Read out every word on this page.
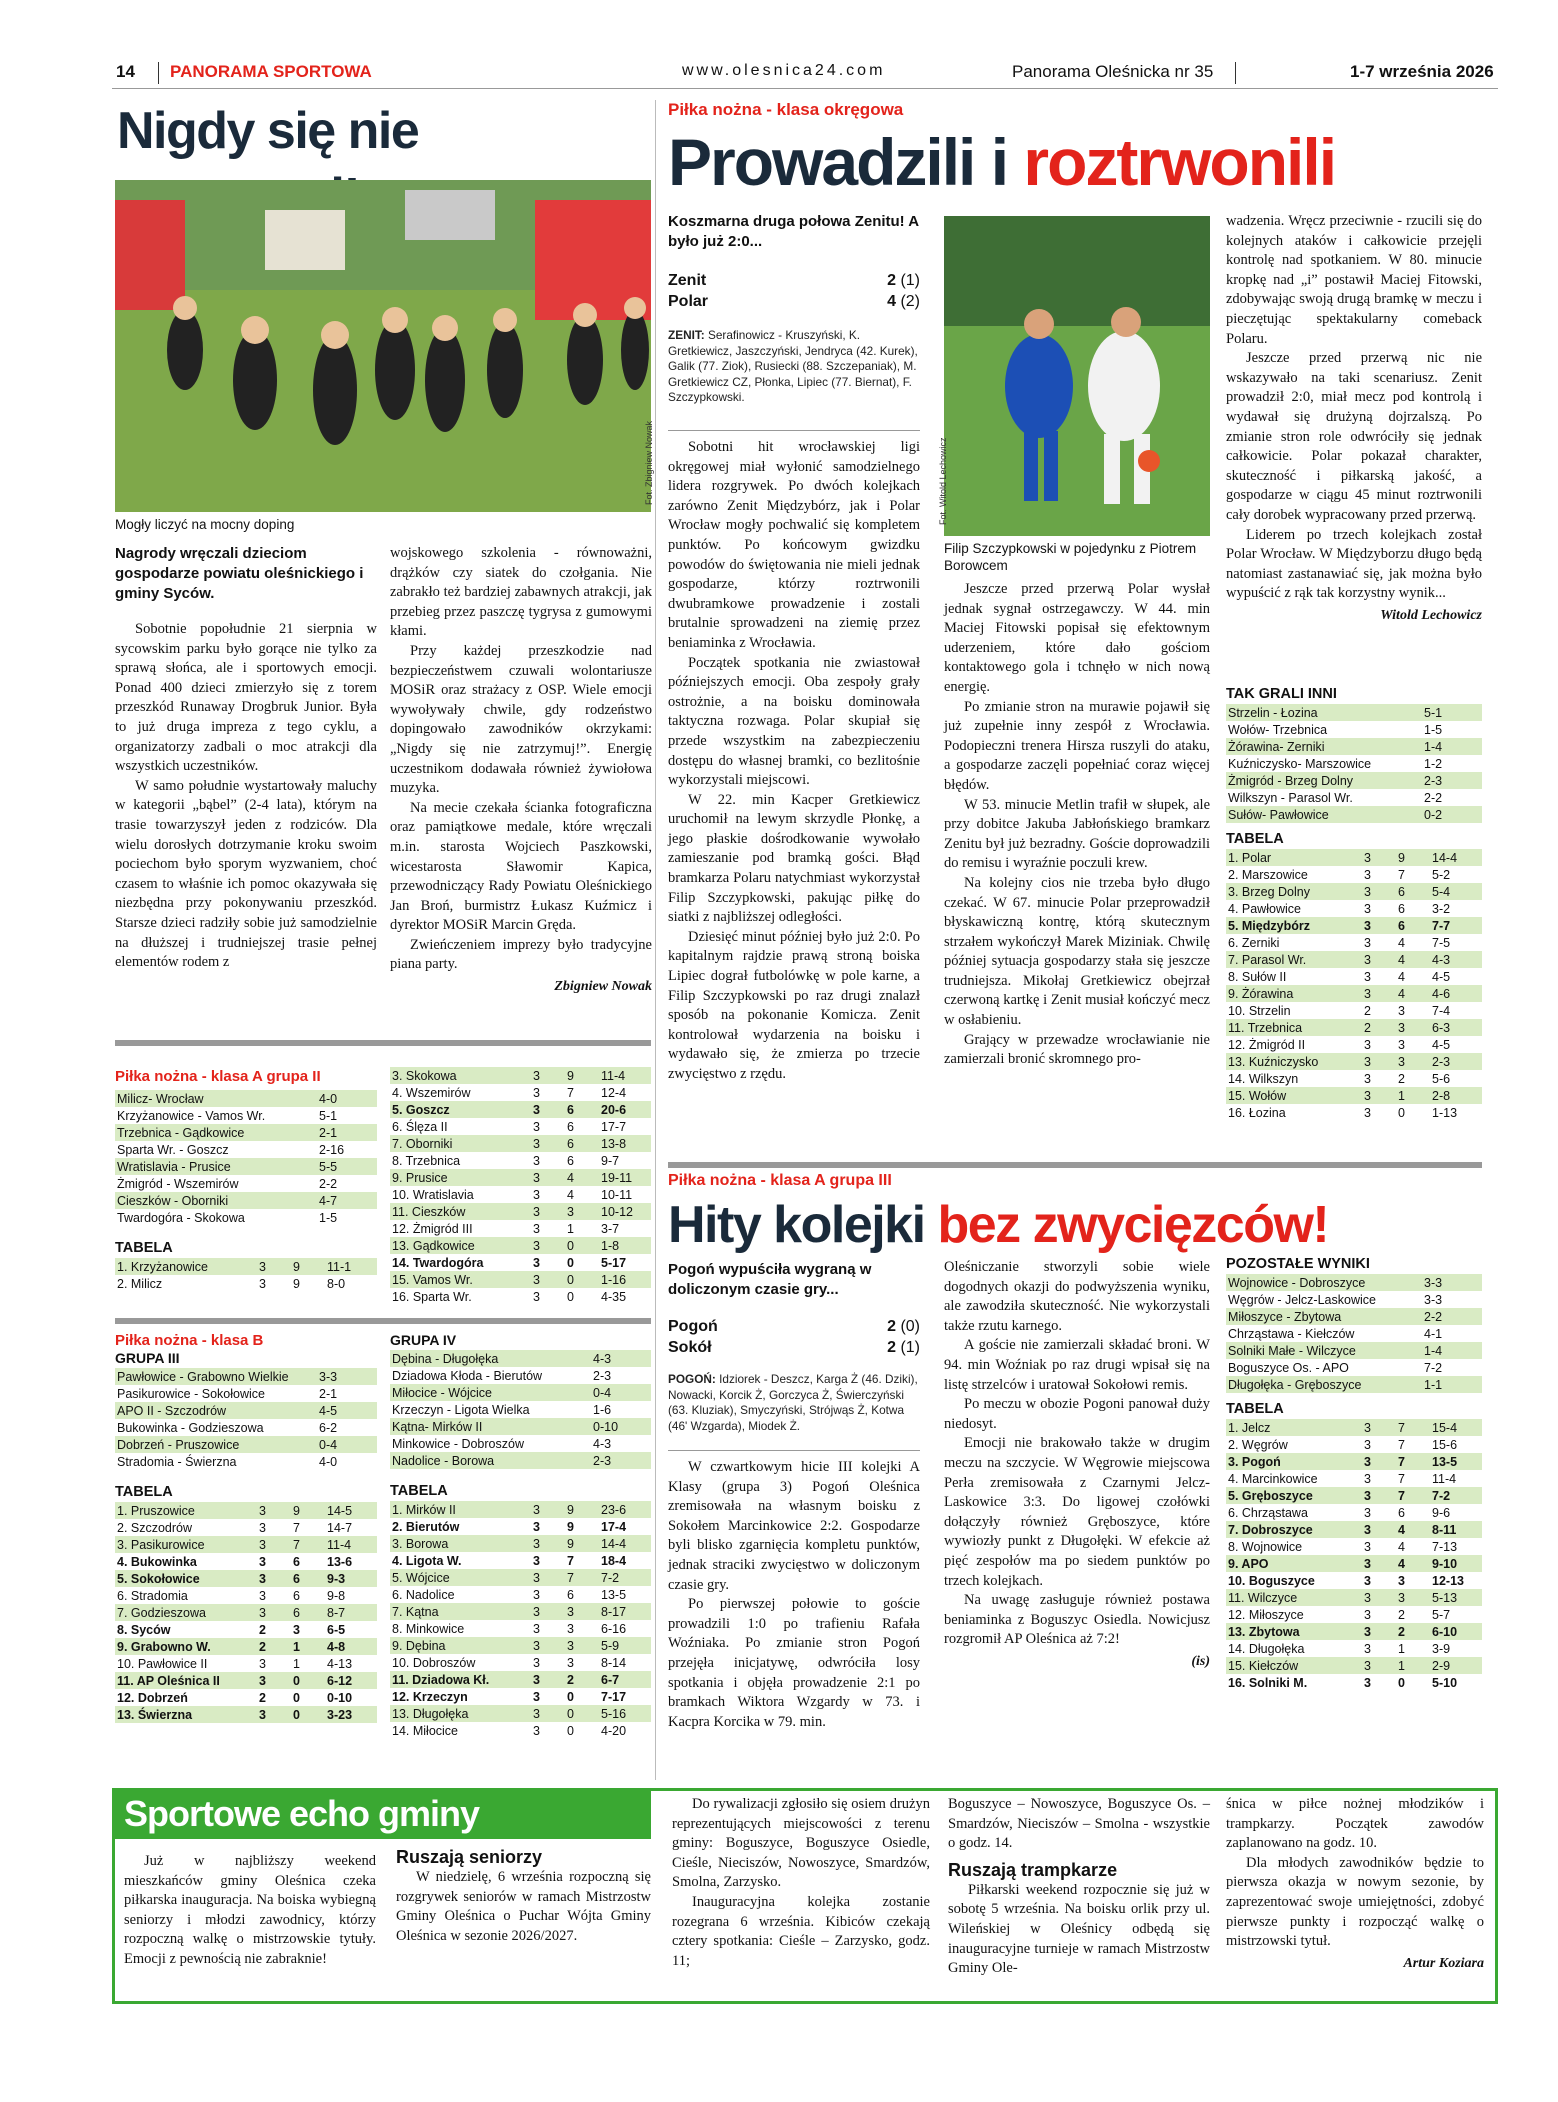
14 PANORAMA SPORTOWA	www.olesnica24.com	Panorama Oleśnicka nr 35	1-7 września 2026
Nigdy się nie
Fot. Zbigniew Nowak
Mogły liczyć na mocny doping
Nagrody wręczali dzieciom gospodarze powiatu oleśnickiego i gminy Syców.

Sobotnie popołudnie 21 sierpnia w sycowskim parku było gorące nie tylko za sprawą słońca, ale i sportowych emocji. Ponad 400 dzieci zmierzyło się z torem przeszkód Runaway Drogbruk Junior. Była to już druga impreza z tego cyklu, a organizatorzy zadbali o moc atrakcji dla wszystkich uczestników.

W samo południe wystartowały maluchy w kategorii „bąbel” (2-4 lata), którym na trasie towarzyszył jeden z rodziców. Dla wielu dorosłych dotrzymanie kroku swoim pociechom było sporym wyzwaniem, choć czasem to właśnie ich pomoc okazywała się niezbędna przy pokonywaniu przeszkód. Starsze dzieci radziły sobie już samodzielnie na dłuższej i trudniejszej trasie pełnej elementów rodem z

wojskowego szkolenia - równoważni, drążków czy siatek do czołgania. Nie zabrakło też bardziej zabawnych atrakcji, jak przebieg przez paszczę tygrysa z gumowymi kłami.

Przy każdej przeszkodzie nad bezpieczeństwem czuwali wolontariusze MOSiR oraz strażacy z OSP. Wiele emocji wywoływały chwile, gdy rodzeństwo dopingowało zawodników okrzykami: „Nigdy się nie zatrzymuj!”. Energię uczestnikom dodawała również żywiołowa muzyka.

Na mecie czekała ścianka fotograficzna oraz pamiątkowe medale, które wręczali m.in. starosta Wojciech Paszkowski, wicestarosta Sławomir Kapica, przewodniczący Rady Powiatu Oleśnickiego Jan Broń, burmistrz Łukasz Kuźmicz i dyrektor MOSiR Marcin Gręda.

Zwieńczeniem imprezy było tradycyjne piana party.

Zbigniew Nowak
Piłka nożna - klasa okręgowa
Prowadzili i roztrwonili
Koszmarna druga połowa Zenitu! A było już 2:0...
Zenit	2 (1)
Polar	4 (2)
ZENIT: Serafinowicz - Kruszyński, K. Gretkiewicz, Jaszczyński, Jendryca (42. Kurek), Galik (77. Ziok), Rusiecki (88. Szczepaniak), M. Gretkiewicz CZ, Płonka, Lipiec (77. Biernat), F. Szczypkowski.

Sobotni hit wrocławskiej ligi okręgowej miał wyłonić samodzielnego lidera rozgrywek. Po dwóch kolejkach zarówno Zenit Międzybórz, jak i Polar Wrocław mogły pochwalić się kompletem punktów. Po końcowym gwizdku powodów do świętowania nie mieli jednak gospodarze, którzy roztrwonili dwubramkowe prowadzenie i zostali brutalnie sprowadzeni na ziemię przez beniaminka z Wrocławia.

Początek spotkania nie zwiastował późniejszych emocji. Oba zespoły grały ostrożnie, a na boisku dominowała taktyczna rozwaga. Polar skupiał się przede wszystkim na zabezpieczeniu dostępu do własnej bramki, co bezlitośnie wykorzystali miejscowi.

W 22. min Kacper Gretkiewicz uruchomił na lewym skrzydle Płonkę, a jego płaskie dośrodkowanie wywołało zamieszanie pod bramką gości. Błąd bramkarza Polaru natychmiast wykorzystał Filip Szczypkowski, pakując piłkę do siatki z najbliższej odległości.

Dziesięć minut później było już 2:0. Po kapitalnym rajdzie prawą stroną boiska Lipiec dograł futbolówkę w pole karne, a Filip Szczypkowski po raz drugi znalazł sposób na pokonanie Komicza. Zenit kontrolował wydarzenia na boisku i wydawało się, że zmierza po trzecie zwycięstwo z rzędu.

Fot. Witold Lechowicz
Filip Szczypkowski w pojedynku z Piotrem Borowcem

Jeszcze przed przerwą Polar wysłał jednak sygnał ostrzegawczy. W 44. min Maciej Fitowski popisał się efektownym uderzeniem, które dało gościom kontaktowego gola i tchnęło w nich nową energię.

Po zmianie stron na murawie pojawił się już zupełnie inny zespół z Wrocławia. Podopieczni trenera Hirsza ruszyli do ataku, a gospodarze zaczęli popełniać coraz więcej błędów.

W 53. minucie Metlin trafił w słupek, ale przy dobitce Jakuba Jabłońskiego bramkarz Zenitu był już bezradny. Goście doprowadzili do remisu i wyraźnie poczuli krew.

Na kolejny cios nie trzeba było długo czekać. W 67. minucie Polar przeprowadził błyskawiczną kontrę, którą skutecznym strzałem wykończył Marek Miziniak. Chwilę później sytuacja gospodarzy stała się jeszcze trudniejsza. Mikołaj Gretkiewicz obejrzał czerwoną kartkę i Zenit musiał kończyć mecz w osłabieniu.

Grający w przewadze wrocławianie nie zamierzali bronić skromnego pro-

wadzenia. Wręcz przeciwnie - rzucili się do kolejnych ataków i całkowicie przejęli kontrolę nad spotkaniem. W 80. minucie kropkę nad „i” postawił Maciej Fitowski, zdobywając swoją drugą bramkę w meczu i pieczętując spektakularny comeback Polaru.

Jeszcze przed przerwą nic nie wskazywało na taki scenariusz. Zenit prowadził 2:0, miał mecz pod kontrolą i wydawał się drużyną dojrzalszą. Po zmianie stron role odwróciły się jednak całkowicie. Polar pokazał charakter, skuteczność i piłkarską jakość, a gospodarze w ciągu 45 minut roztrwonili cały dorobek wypracowany przed przerwą.

Liderem po trzech kolejkach został Polar Wrocław. W Międzyborzu długo będą natomiast zastanawiać się, jak można było wypuścić z rąk tak korzystny wynik...

Witold Lechowicz
TAK GRALI INNI
Strzelin - Łozina	5-1
Wołów- Trzebnica	1-5
Żórawina- Zerniki	1-4
Kuźniczysko- Marszowice	1-2
Żmigród - Brzeg Dolny	2-3
Wilkszyn - Parasol Wr.	2-2
Sułów- Pawłowice	0-2
TABELA
1. Polar	3	9	14-4
2. Marszowice	3	7	5-2
3. Brzeg Dolny	3	6	5-4
4. Pawłowice	3	6	3-2
5. Międzybórz	3	6	7-7
6. Zerniki	3	4	7-5
7. Parasol Wr.	3	4	4-3
8. Sułów II	3	4	4-5
9. Żórawina	3	4	4-6
10. Strzelin	2	3	7-4
11. Trzebnica	2	3	6-3
12. Żmigród II	3	3	4-5
13. Kuźniczysko	3	3	2-3
14. Wilkszyn	3	2	5-6
15. Wołów	3	1	2-8
16. Łozina	3	0	1-13
Piłka nożna - klasa A grupa II
Milicz- Wrocław	4-0
Krzyżanowice - Vamos Wr.	5-1
Trzebnica - Gądkowice	2-1
Sparta Wr. - Goszcz	2-16
Wratislavia - Prusice	5-5
Żmigród - Wszemirów	2-2
Cieszków - Oborniki	4-7
Twardogóra - Skokowa	1-5
TABELA
1. Krzyżanowice	3	9	11-1
2. Milicz	3	9	8-0
3. Skokowa	3	9	11-4
4. Wszemirów	3	7	12-4
5. Goszcz	3	6	20-6
6. Ślęza II	3	6	17-7
7. Oborniki	3	6	13-8
8. Trzebnica	3	6	9-7
9. Prusice	3	4	19-11
10. Wratislavia	3	4	10-11
11. Cieszków	3	3	10-12
12. Żmigród III	3	1	3-7
13. Gądkowice	3	0	1-8
14. Twardogóra	3	0	5-17
15. Vamos Wr.	3	0	1-16
16. Sparta Wr.	3	0	4-35
Piłka nożna - klasa B
GRUPA III
Pawłowice - Grabowno Wielkie	3-3
Pasikurowice - Sokołowice	2-1
APO II - Szczodrów	4-5
Bukowinka - Godzieszowa	6-2
Dobrzeń - Pruszowice	0-4
Stradomia - Świerzna	4-0
TABELA
1. Pruszowice	3	9	14-5
2. Szczodrów	3	7	14-7
3. Pasikurowice	3	7	11-4
4. Bukowinka	3	6	13-6
5. Sokołowice	3	6	9-3
6. Stradomia	3	6	9-8
7. Godzieszowa	3	6	8-7
8. Syców	2	3	6-5
9. Grabowno W.	2	1	4-8
10. Pawłowice II	3	1	4-13
11. AP Oleśnica II	3	0	6-12
12. Dobrzeń	2	0	0-10
13. Świerzna	3	0	3-23
GRUPA IV
Dębina - Długołęka	4-3
Dziadowa Kłoda - Bierutów	2-3
Miłocice - Wójcice	0-4
Krzeczyn - Ligota Wielka	1-6
Kątna- Mirków II	0-10
Minkowice - Dobroszów	4-3
Nadolice - Borowa	2-3
TABELA
1. Mirków II	3	9	23-6
2. Bierutów	3	9	17-4
3. Borowa	3	9	14-4
4. Ligota W.	3	7	18-4
5. Wójcice	3	7	7-2
6. Nadolice	3	6	13-5
7. Kątna	3	3	8-17
8. Minkowice	3	3	6-16
9. Dębina	3	3	5-9
10. Dobroszów	3	3	8-14
11. Dziadowa Kł.	3	2	6-7
12. Krzeczyn	3	0	7-17
13. Długołęka	3	0	5-16
14. Miłocice	3	0	4-20
Piłka nożna - klasa A grupa III
Hity kolejki bez zwycięzców!
Pogoń wypuściła wygraną w doliczonym czasie gry...
Pogoń	2 (0)
Sokół	2 (1)
POGOŃ: Idziorek - Deszcz, Karga Ż (46. Dziki), Nowacki, Korcik Ż, Gorczyca Ż, Świerczyński (63. Kluziak), Smyczyński, Strójwąs Ż, Kotwa (46' Wzgarda), Miodek Ż.

W czwartkowym hicie III kolejki A Klasy (grupa 3) Pogoń Oleśnica zremisowała na własnym boisku z Sokołem Marcinkowice 2:2. Gospodarze byli blisko zgarnięcia kompletu punktów, jednak straciki zwycięstwo w doliczonym czasie gry.

Po pierwszej połowie to goście prowadzili 1:0 po trafieniu Rafała Woźniaka. Po zmianie stron Pogoń przejęła inicjatywę, odwróciła losy spotkania i objęła prowadzenie 2:1 po bramkach Wiktora Wzgardy w 73. i Kacpra Korcika w 79. min.

Oleśniczanie stworzyli sobie wiele dogodnych okazji do podwyższenia wyniku, ale zawodziła skuteczność. Nie wykorzystali także rzutu karnego.

A goście nie zamierzali składać broni. W 94. min Woźniak po raz drugi wpisał się na listę strzelców i uratował Sokołowi remis.

Po meczu w obozie Pogoni panował duży niedosyt.

Emocji nie brakowało także w drugim meczu na szczycie. W Węgrowie miejscowa Perła zremisowała z Czarnymi Jelcz-Laskowice 3:3. Do ligowej czołówki dołączyły również Gręboszyce, które wywiozły punkt z Długołęki. W efekcie aż pięć zespołów ma po siedem punktów po trzech kolejkach.

Na uwagę zasługuje również postawa beniaminka z Boguszyc Osiedla. Nowicjusz rozgromił AP Oleśnica aż 7:2!

(is)
POZOSTAŁE WYNIKI
Wojnowice - Dobroszyce	3-3
Węgrów - Jelcz-Laskowice	3-3
Miłoszyce - Zbytowa	2-2
Chrząstawa - Kiełczów	4-1
Solniki Małe - Wilczyce	1-4
Boguszyce Os. - APO	7-2
Długołęka - Gręboszyce	1-1
TABELA
1. Jelcz	3	7	15-4
2. Węgrów	3	7	15-6
3. Pogoń	3	7	13-5
4. Marcinkowice	3	7	11-4
5. Gręboszyce	3	7	7-2
6. Chrząstawa	3	6	9-6
7. Dobroszyce	3	4	8-11
8. Wojnowice	3	4	7-13
9. APO	3	4	9-10
10. Boguszyce	3	3	12-13
11. Wilczyce	3	3	5-13
12. Miłoszyce	3	2	5-7
13. Zbytowa	3	2	6-10
14. Długołęka	3	1	3-9
15. Kiełczów	3	1	2-9
16. Solniki M.	3	0	5-10
Sportowe echo gminy

Już w najbliższy weekend mieszkańców gminy Oleśnica czeka piłkarska inauguracja. Na boiska wybiegną seniorzy i młodzi zawodnicy, którzy rozpoczną walkę o mistrzowskie tytuły. Emocji z pewnością nie zabraknie!

Ruszają seniorzy

W niedzielę, 6 września rozpoczną się rozgrywek seniorów w ramach Mistrzostw Gminy Oleśnica o Puchar Wójta Gminy Oleśnica w sezonie 2026/2027.

Do rywalizacji zgłosiło się osiem drużyn reprezentujących miejscowości z terenu gminy: Boguszyce, Boguszyce Osiedle, Cieśle, Nieciszów, Nowoszyce, Smardzów, Smolna, Zarzysko.

Inauguracyjna kolejka zostanie rozegrana 6 września. Kibiców czekają cztery spotkania: Cieśle – Zarzysko, godz. 11;

Boguszyce – Nowoszyce, Boguszyce Os. – Smardzów, Nieciszów – Smolna - wszystkie o godz. 14.

Ruszają trampkarze

Piłkarski weekend rozpocznie się już w sobotę 5 września. Na boisku orlik przy ul. Wileńskiej w Oleśnicy odbędą się inauguracyjne turnieje w ramach Mistrzostw Gminy Ole-

śnica w piłce nożnej młodzików i trampkarzy. Początek zawodów zaplanowano na godz. 10.

Dla młodych zawodników będzie to pierwsza okazja w nowym sezonie, by zaprezentować swoje umiejętności, zdobyć pierwsze punkty i rozpocząć walkę o mistrzowski tytuł.

Artur Koziara
